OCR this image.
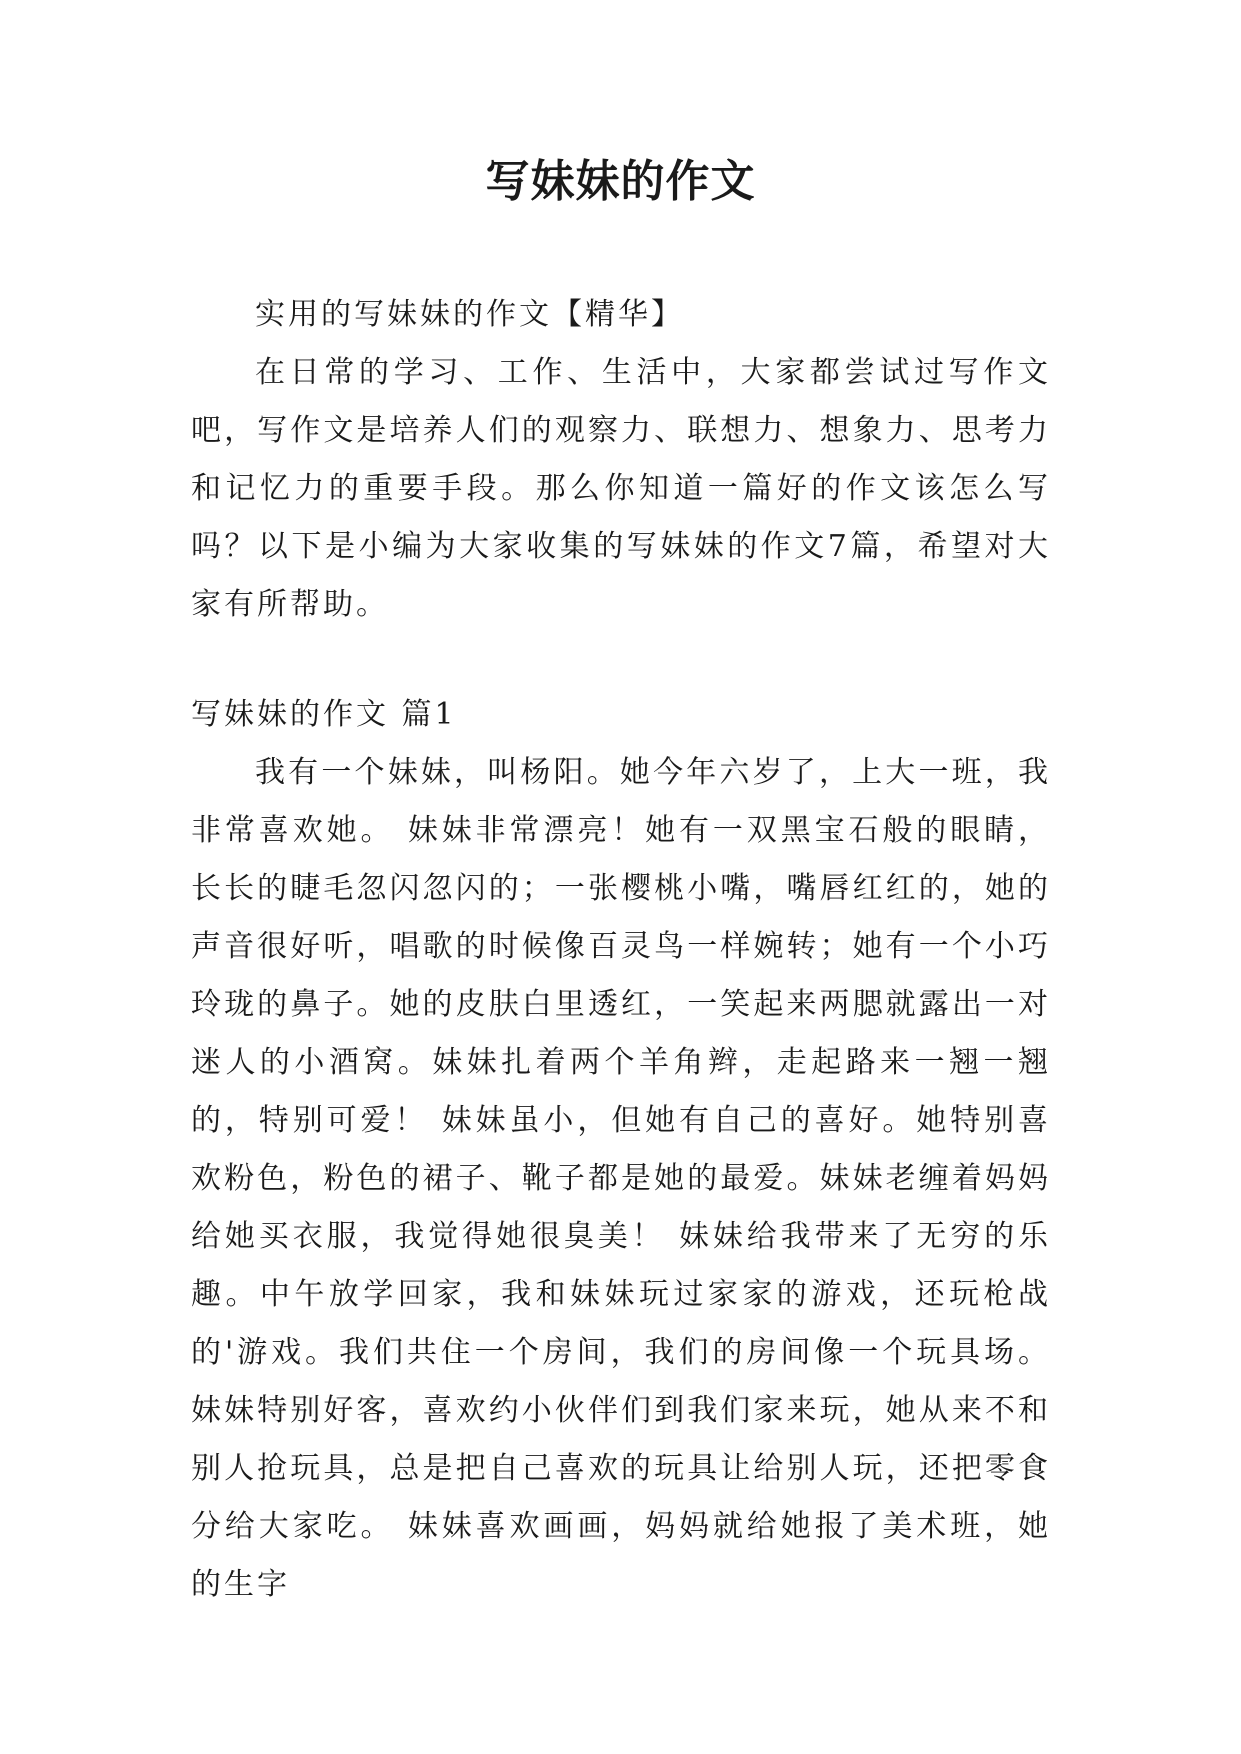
写妹妹的作文

实用的写妹妹的作文【精华】

在日常的学习、工作、生活中，大家都尝试过写作文吧，写作文是培养人们的观察力、联想力、想象力、思考力和记忆力的重要手段。那么你知道一篇好的作文该怎么写吗？以下是小编为大家收集的写妹妹的作文7篇，希望对大家有所帮助。

写妹妹的作文 篇1

我有一个妹妹，叫杨阳。她今年六岁了，上大一班，我非常喜欢她。 妹妹非常漂亮！她有一双黑宝石般的眼睛，长长的睫毛忽闪忽闪的；一张樱桃小嘴，嘴唇红红的，她的声音很好听，唱歌的时候像百灵鸟一样婉转；她有一个小巧玲珑的鼻子。她的皮肤白里透红，一笑起来两腮就露出一对迷人的小酒窝。妹妹扎着两个羊角辫，走起路来一翘一翘的，特别可爱！ 妹妹虽小，但她有自己的喜好。她特别喜欢粉色，粉色的裙子、靴子都是她的最爱。妹妹老缠着妈妈给她买衣服，我觉得她很臭美！ 妹妹给我带来了无穷的乐趣。中午放学回家，我和妹妹玩过家家的游戏，还玩枪战的'游戏。我们共住一个房间，我们的房间像一个玩具场。妹妹特别好客，喜欢约小伙伴们到我们家来玩，她从来不和别人抢玩具，总是把自己喜欢的玩具让给别人玩，还把零食分给大家吃。 妹妹喜欢画画，妈妈就给她报了美术班，她的生字
